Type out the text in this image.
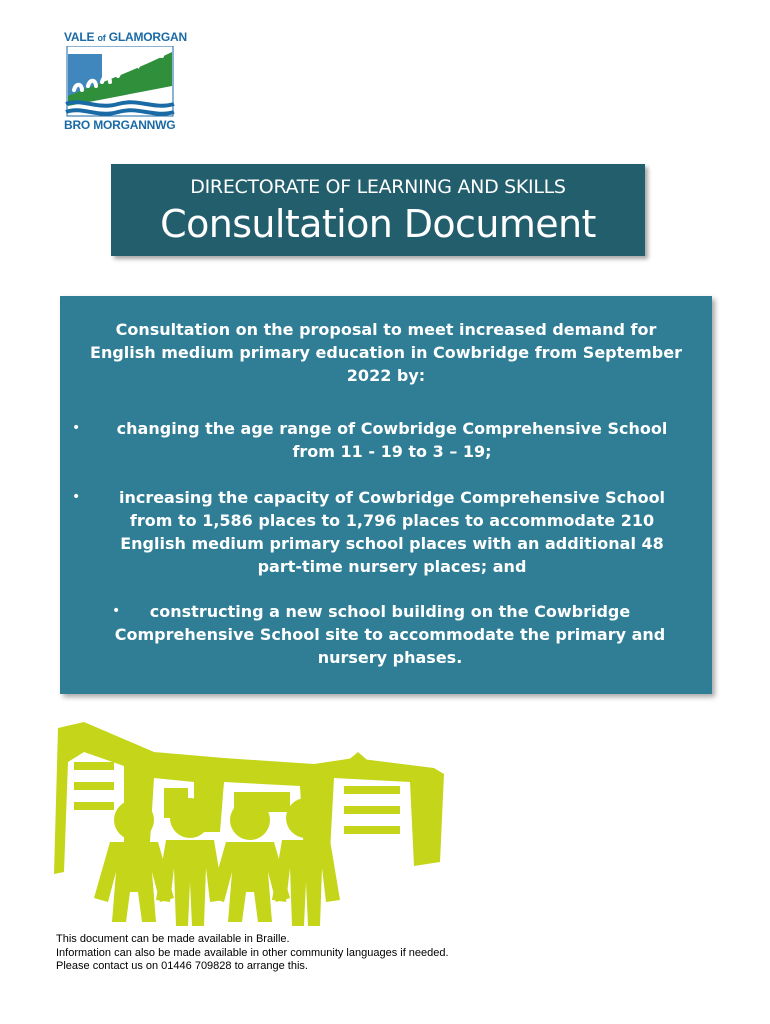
VALE of GLAMORGAN
BRO MORGANNWG
DIRECTORATE OF LEARNING AND SKILLS
Consultation Document
Consultation on the proposal to meet increased demand for English medium primary education in Cowbridge from September 2022 by:
• changing the age range of Cowbridge Comprehensive School from 11 - 19 to 3 – 19;
• increasing the capacity of Cowbridge Comprehensive School from to 1,586 places to 1,796 places to accommodate 210 English medium primary school places with an additional 48 part-time nursery places; and
• constructing a new school building on the Cowbridge Comprehensive School site to accommodate the primary and nursery phases.
This document can be made available in Braille.
Information can also be made available in other community languages if needed.
Please contact us on 01446 709828 to arrange this.
